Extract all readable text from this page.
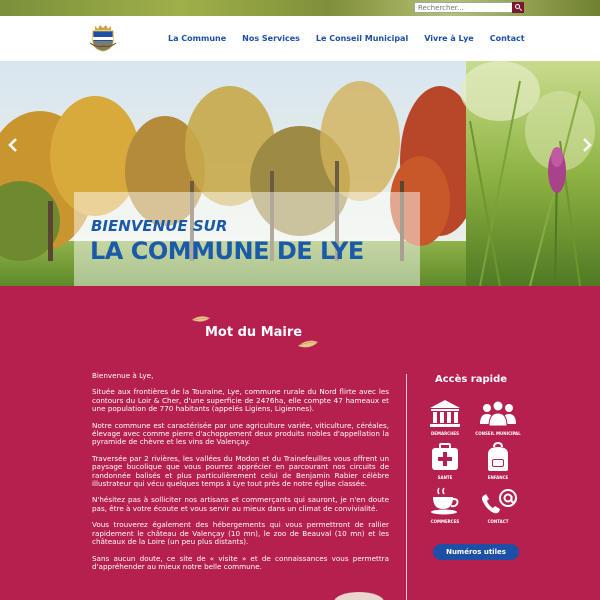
Rechercher...
La Commune Nos Services Le Conseil Municipal Vivre à Lye Contact
BIENVENUE SUR
LA COMMUNE DE LYE
Mot du Maire

Bienvenue à Lye,

Située aux frontières de la Touraine, Lye, commune rurale du Nord flirte avec les contours du Loir & Cher, d'une superficie de 2476ha, elle compte 47 hameaux et une population de 770 habitants (appelés Ligiens, Ligiennes).

Notre commune est caractérisée par une agriculture variée, viticulture, céréales, élevage avec comme pierre d'achoppement deux produits nobles d'appellation la pyramide de chèvre et les vins de Valençay.

Traversée par 2 rivières, les vallées du Modon et du Trainefeuilles vous offrent un paysage bucolique que vous pourrez apprécier en parcourant nos circuits de randonnée balisés et plus particulièrement celui de Benjamin Rabier célèbre illustrateur qui vécu quelques temps à Lye tout près de notre église classée.

N'hésitez pas à solliciter nos artisans et commerçants qui sauront, je n'en doute pas, être à votre écoute et vous servir au mieux dans un climat de convivialité.

Vous trouverez également des hébergements qui vous permettront de rallier rapidement le château de Valençay (10 mn), le zoo de Beauval (10 mn) et les châteaux de la Loire (un peu plus distants).

Sans aucun doute, ce site de « visite » et de connaissances vous permettra d'appréhender au mieux notre belle commune.

Accès rapide
DEMARCHES	CONSEIL MUNICIPAL
SANTE	ENFANCE
COMMERCES	CONTACT
Numéros utiles
